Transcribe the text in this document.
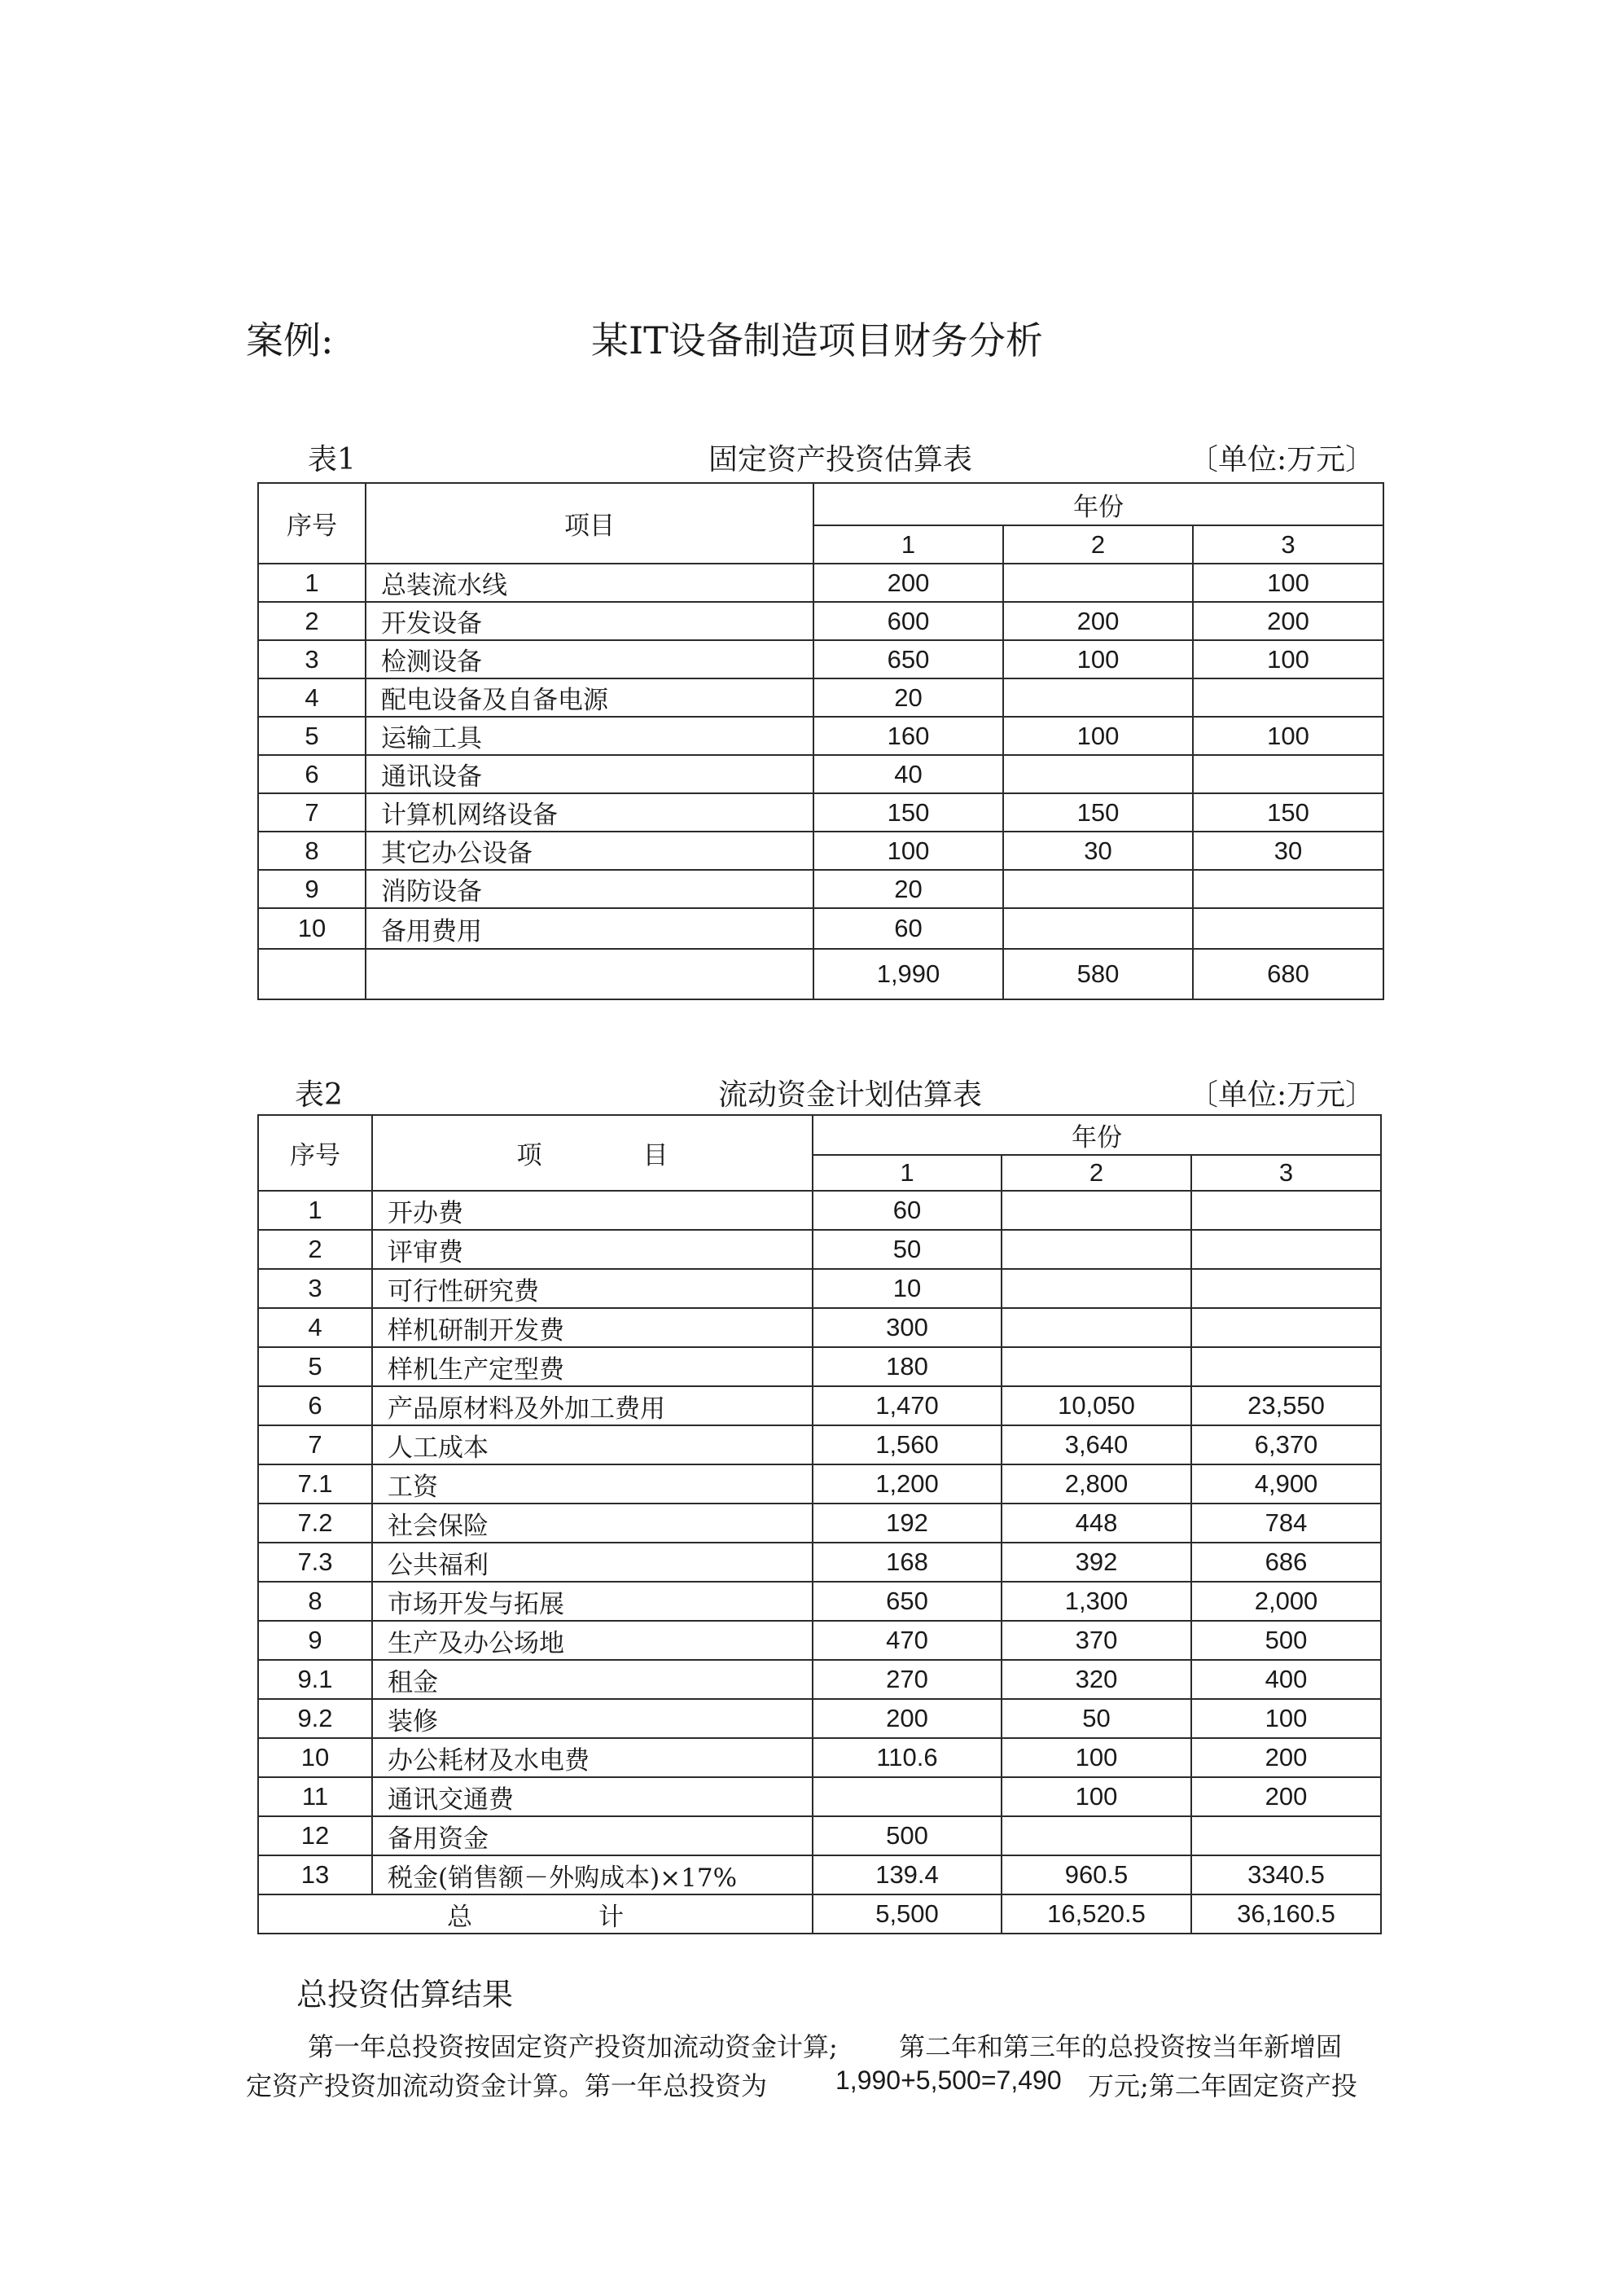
案例:	某IT设备制造项目财务分析
表1	固定资产投资估算表	〔单位:万元〕
序号	项目	年份		
		1	2	3
1	总装流水线	200		100
2	开发设备	600	200	200
3	检测设备	650	100	100
4	配电设备及自备电源	20		
5	运输工具	160	100	100
6	通讯设备	40		
7	计算机网络设备	150	150	150
8	其它办公设备	100	30	30
9	消防设备	20		
10	备用费用	60		
		1,990	580	680
表2	流动资金计划估算表	〔单位:万元〕
序号	项　　　　目	年份		
		1	2	3
1	开办费	60		
2	评审费	50		
3	可行性研究费	10		
4	样机研制开发费	300		
5	样机生产定型费	180		
6	产品原材料及外加工费用	1,470	10,050	23,550
7	人工成本	1,560	3,640	6,370
7.1	工资	1,200	2,800	4,900
7.2	社会保险	192	448	784
7.3	公共福利	168	392	686
8	市场开发与拓展	650	1,300	2,000
9	生产及办公场地	470	370	500
9.1	租金	270	320	400
9.2	装修	200	50	100
10	办公耗材及水电费	110.6	100	200
11	通讯交通费		100	200
12	备用资金	500		
13	税金(销售额－外购成本)×17%	139.4	960.5	3340.5
总　　　　　计		5,500	16,520.5	36,160.5
总投资估算结果
第一年总投资按固定资产投资加流动资金计算; 第二年和第三年的总投资按当年新增固
定资产投资加流动资金计算。第一年总投资为	1,990+5,500=7,490 万元;第二年固定资产投
